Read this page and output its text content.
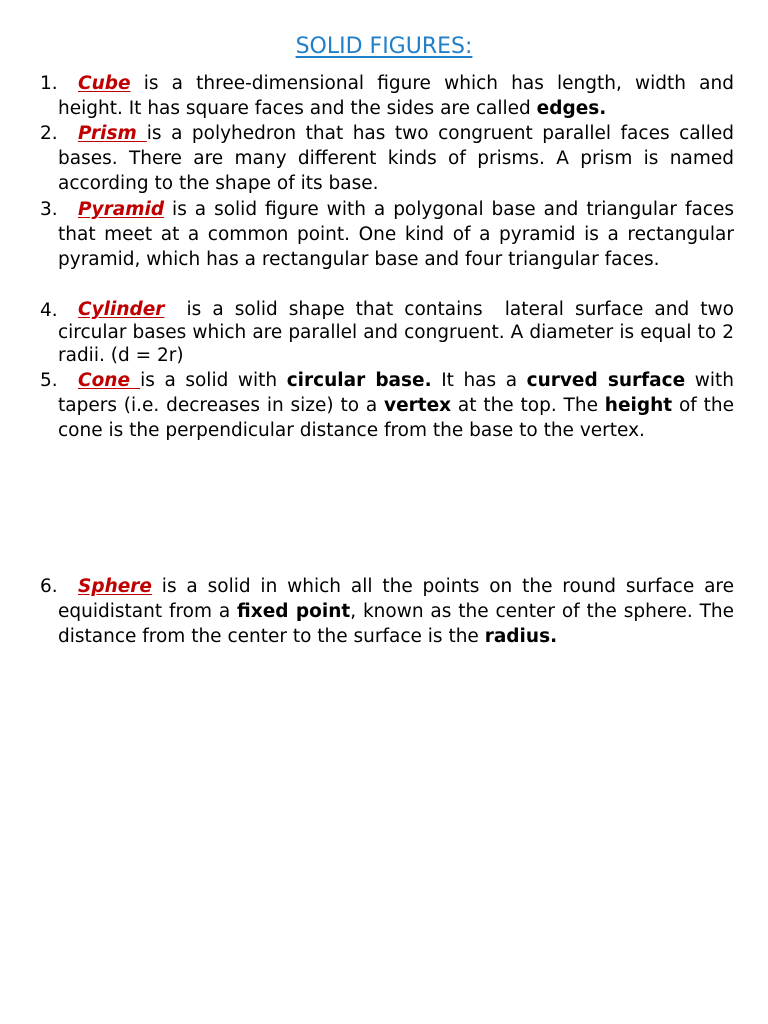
SOLID FIGURES:
1.	Cube is a three-dimensional figure which has length, width and height. It has square faces and the sides are called edges.
2.	Prism is a polyhedron that has two congruent parallel faces called bases. There are many different kinds of prisms. A prism is named according to the shape of its base.
3.	Pyramid is a solid figure with a polygonal base and triangular faces that meet at a common point. One kind of a pyramid is a rectangular pyramid, which has a rectangular base and four triangular faces.
4.	Cylinder  is a solid shape that contains  lateral surface and two circular bases which are parallel and congruent. A diameter is equal to 2 radii. (d = 2r)
5.	Cone is a solid with circular base. It has a curved surface with tapers (i.e. decreases in size) to a vertex at the top. The height of the cone is the perpendicular distance from the base to the vertex.
6.	Sphere is a solid in which all the points on the round surface are equidistant from a fixed point, known as the center of the sphere. The distance from the center to the surface is the radius.
